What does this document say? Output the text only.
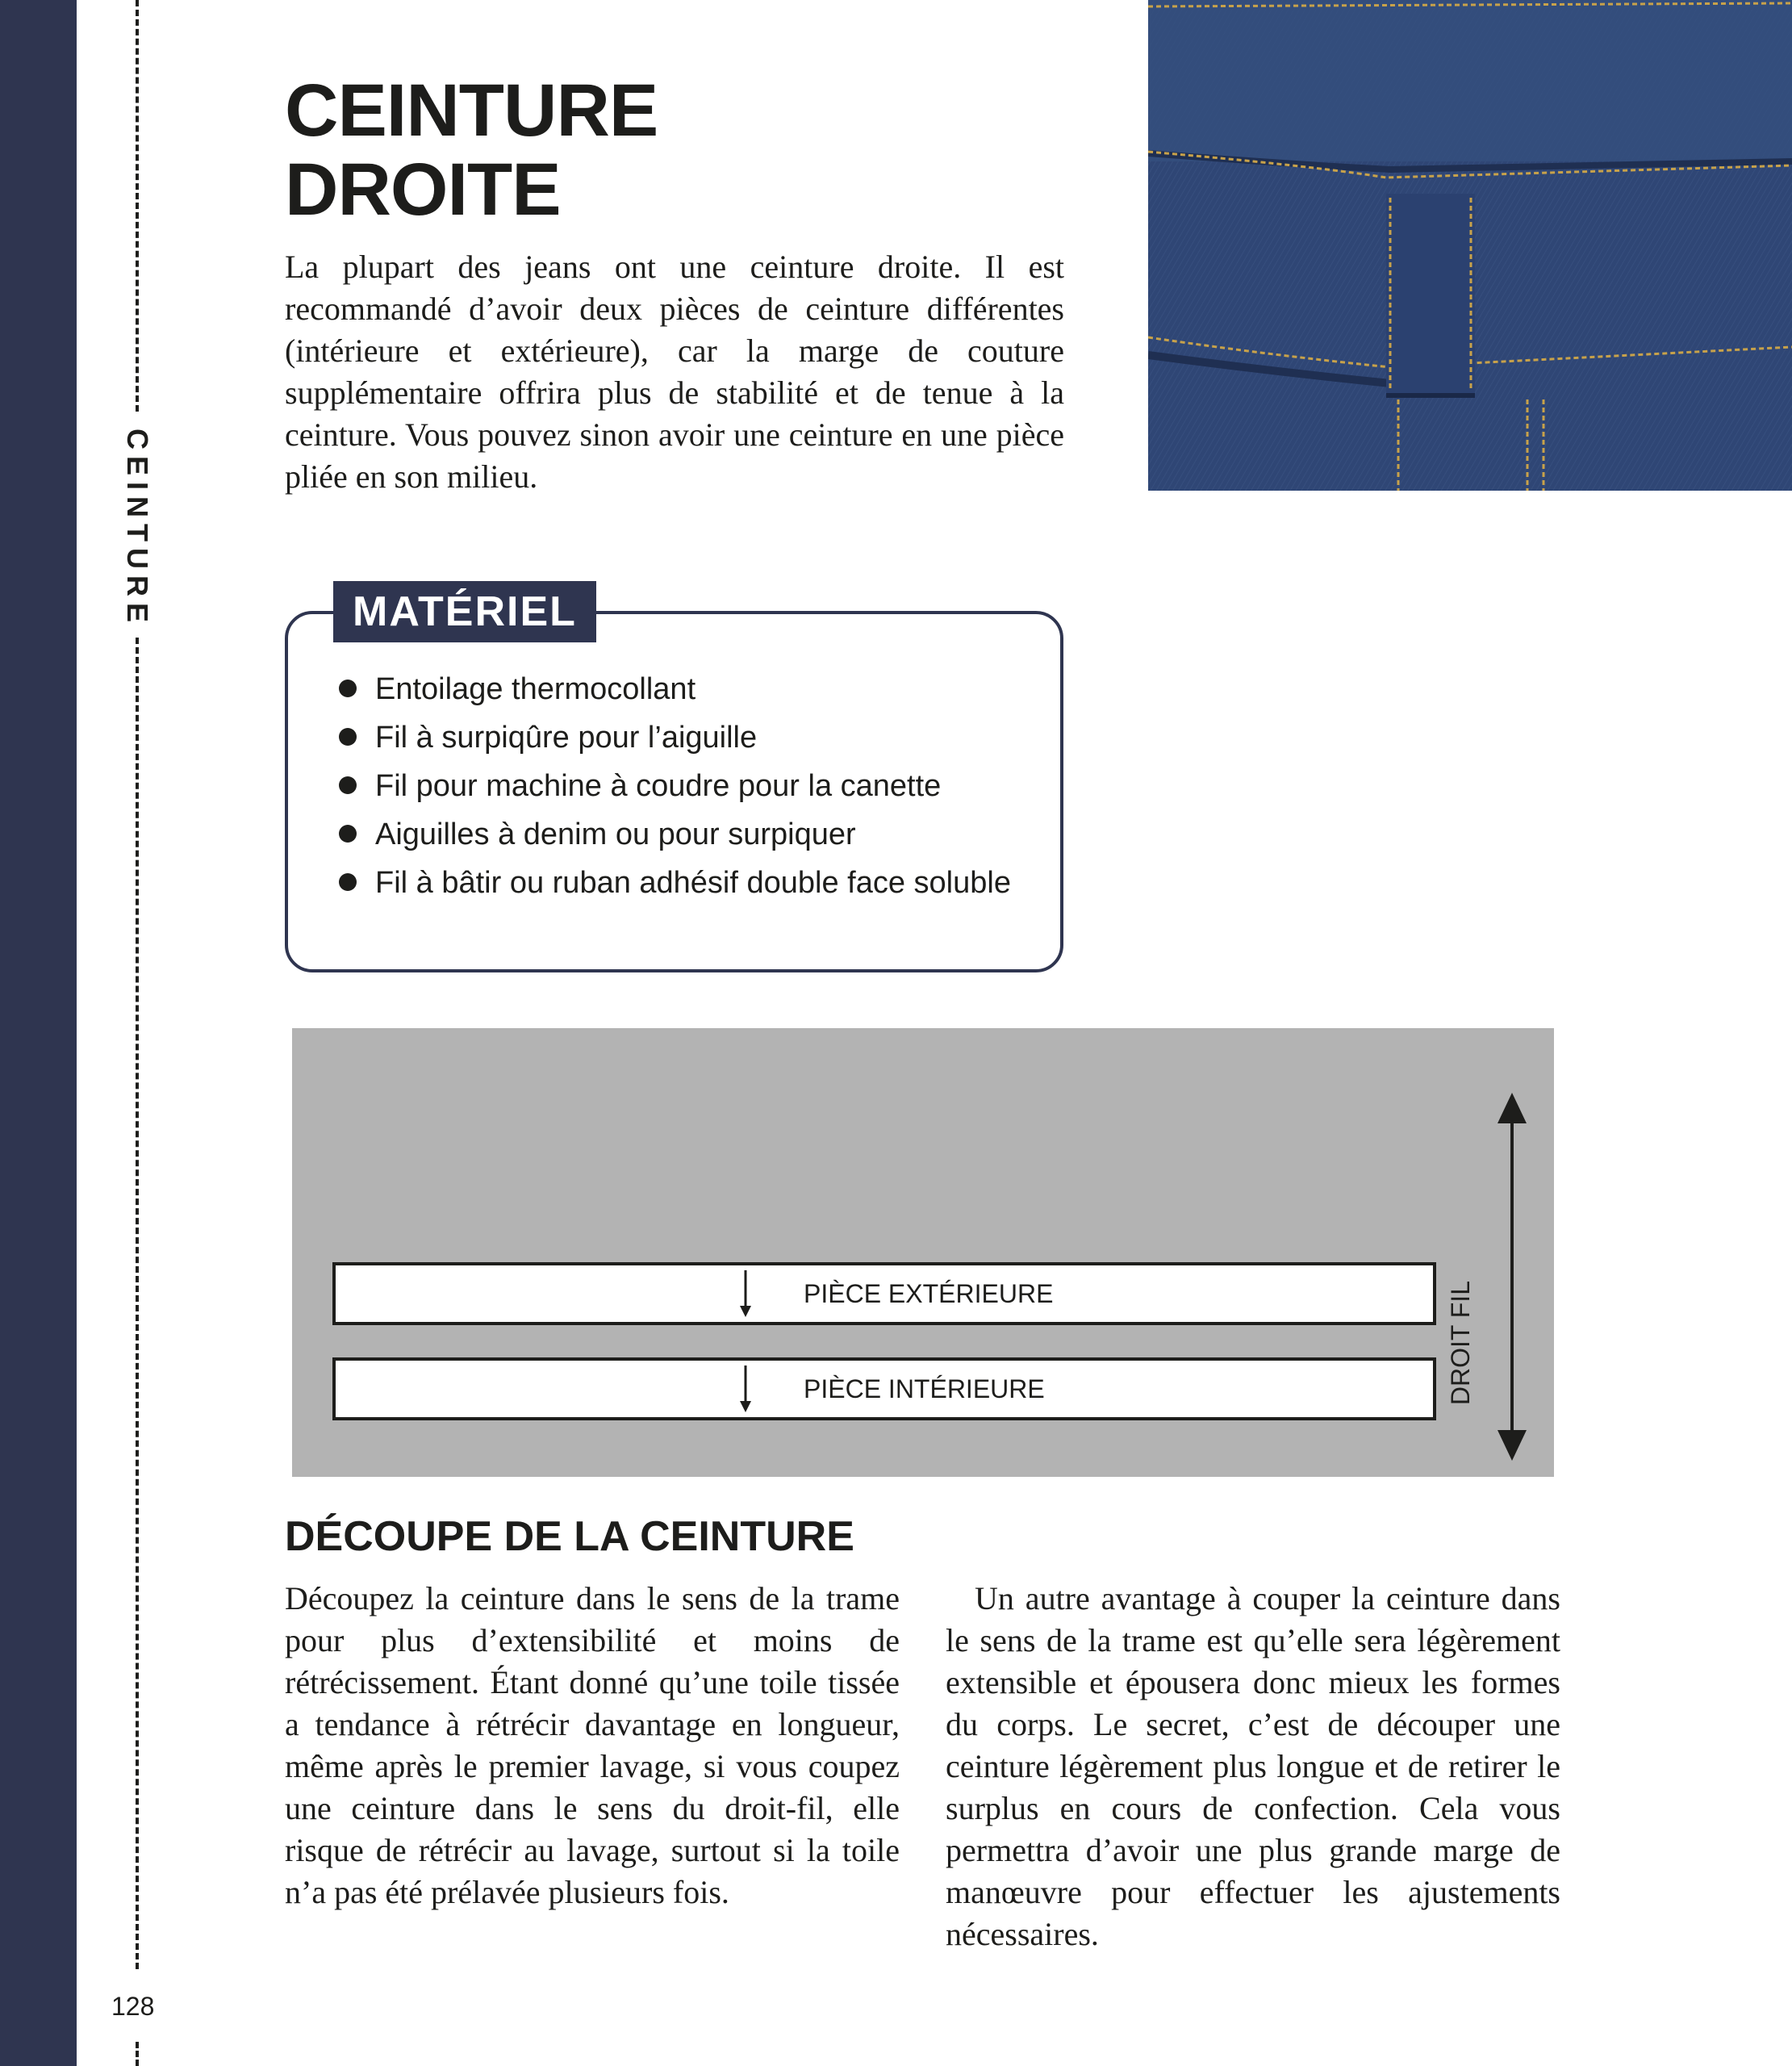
CEINTURE
128
CEINTURE
DROITE

La plupart des jeans ont une ceinture droite. Il est recommandé d’avoir deux pièces de ceinture différentes (intérieure et extérieure), car la marge de couture supplémentaire offrira plus de stabilité et de tenue à la ceinture. Vous pouvez sinon avoir une ceinture en une pièce pliée en son milieu.

MATÉRIEL
Entoilage thermocollant
Fil à surpiqûre pour l’aiguille
Fil pour machine à coudre pour la canette
Aiguilles à denim ou pour surpiquer
Fil à bâtir ou ruban adhésif double face soluble
PIÈCE EXTÉRIEURE
PIÈCE INTÉRIEURE	DROIT FIL
DÉCOUPE DE LA CEINTURE

Découpez la ceinture dans le sens de la trame pour plus d’extensibilité et moins de rétrécissement. Étant donné qu’une toile tissée a tendance à rétrécir davantage en longueur, même après le premier lavage, si vous coupez une ceinture dans le sens du droit-fil, elle risque de rétrécir au lavage, surtout si la toile n’a pas été prélavée plusieurs fois.

Un autre avantage à couper la ceinture dans le sens de la trame est qu’elle sera légèrement extensible et épousera donc mieux les formes du corps. Le secret, c’est de découper une ceinture légèrement plus longue et de retirer le surplus en cours de confection. Cela vous permettra d’avoir une plus grande marge de manœuvre pour effectuer les ajustements nécessaires.
